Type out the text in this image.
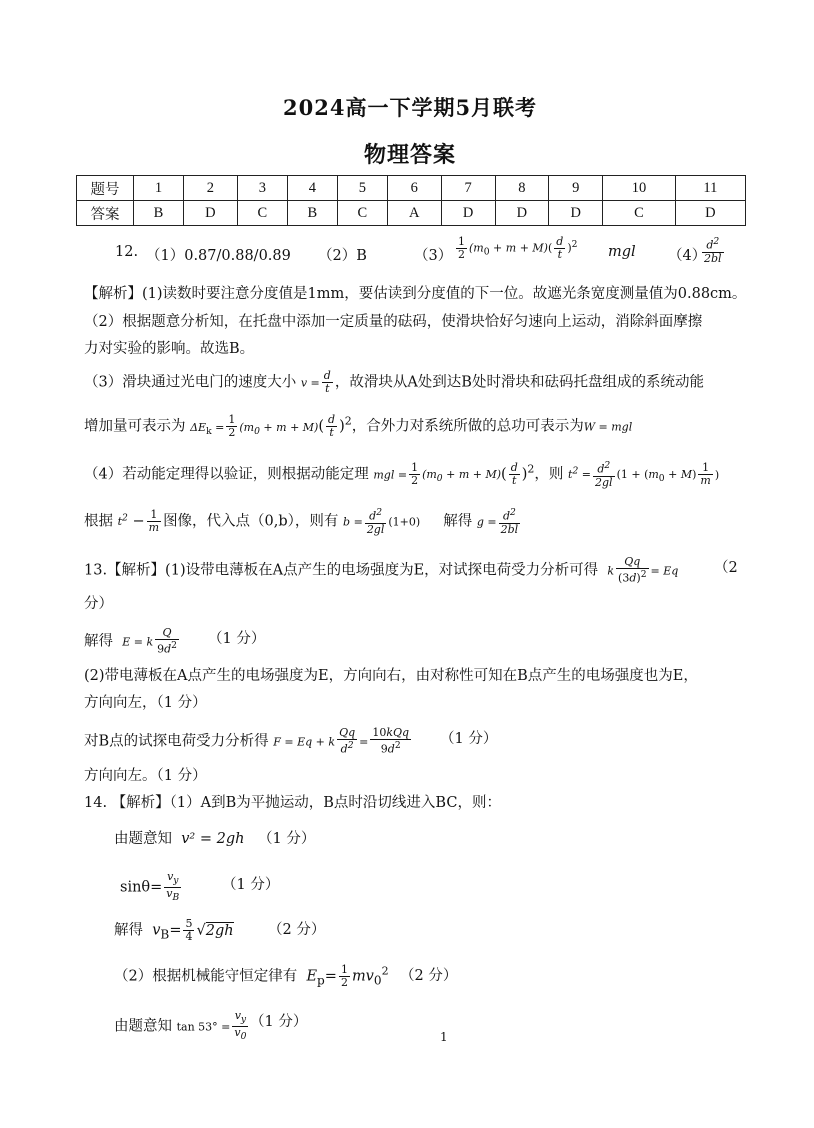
2024高一下学期5月联考
物理答案
题号	1	2	3	4	5	6	7	8	9	10	11
答案	B	D	C	B	C	A	D	D	D	C	D
12. （1）0.87/0.88/0.89 （2）B	$(3) \frac{1}{2} (m_0 + m + M)( \frac{d}{t} )^2$ mgl （4）
$\frac{d^2}{2bl}$
【解析】(1)读数时要注意分度值是1mm，要估读到分度值的下一位。故遮光条宽度测量值为0.88cm。
（2）根据题意分析知，在托盘中添加一定质量的砝码，使滑块恰好匀速向上运动，消除斜面摩擦
力对实验的影响。故选B。
（3）滑块通过光电门的速度大小 $v = \frac{d}{t}$ ，故滑块从A处到达B处时滑块和砝码托盘组成的系统动能
增加量可表示为 $\Delta E_k = \frac{1}{2} (m_0 + m + M)( \frac{d}{t} )^2$，合外力对系统所做的总功可表示为W = mgl
（4）若动能定理得以验证，则根据动能定理 mgl = $\frac{1}{2} (m_0 + m + M)( \frac{d}{t} )^2$，则 $t^2 = \frac{d^2}{2gl} (1 + (m_0 + M) \frac{1}{m}$ )
根据 $t^2 - \frac{1}{m}$ 图像，代入点（0,b），则有 $b = \frac{d^2}{2gl} (1+0)$ 解得 $g = \frac{d^2}{2bl}$
13.【解析】(1)设带电薄板在A点产生的电场强度为E，对试探电荷受力分析可得 k $\frac{Qq}{(3d)^2} = Eq$ （2
分）
解得 E = k $\frac{Q}{9d^2} (1$ 分）
(2)带电薄板在A点产生的电场强度为E，方向向右，由对称性可知在B点产生的电场强度也为E，
方向向左，（1 分）
对B点的试探电荷受力分析得 F = Eq + k $\frac{Qq}{d^2} = \frac{\text{10kQq}}{9d^2} (1$ 分）
方向向左。（1 分）
14. 【解析】（1）A到B为平抛运动，B点时沿切线进入BC，则：
由题意知 v² = 2gh （1 分）
$\sin\theta= \frac{v_y}{v_B}$	（1 分）
解得 $v_B= \frac{5}{4} √2gh$ （2 分）
（2）根据机械能守恒定律有 $E_p= \frac{1}{2} mv_0^2$ （2 分）
由题意知 $\tan 53^\circ = \frac{v_y}{v_0} (1$ 分）
1
